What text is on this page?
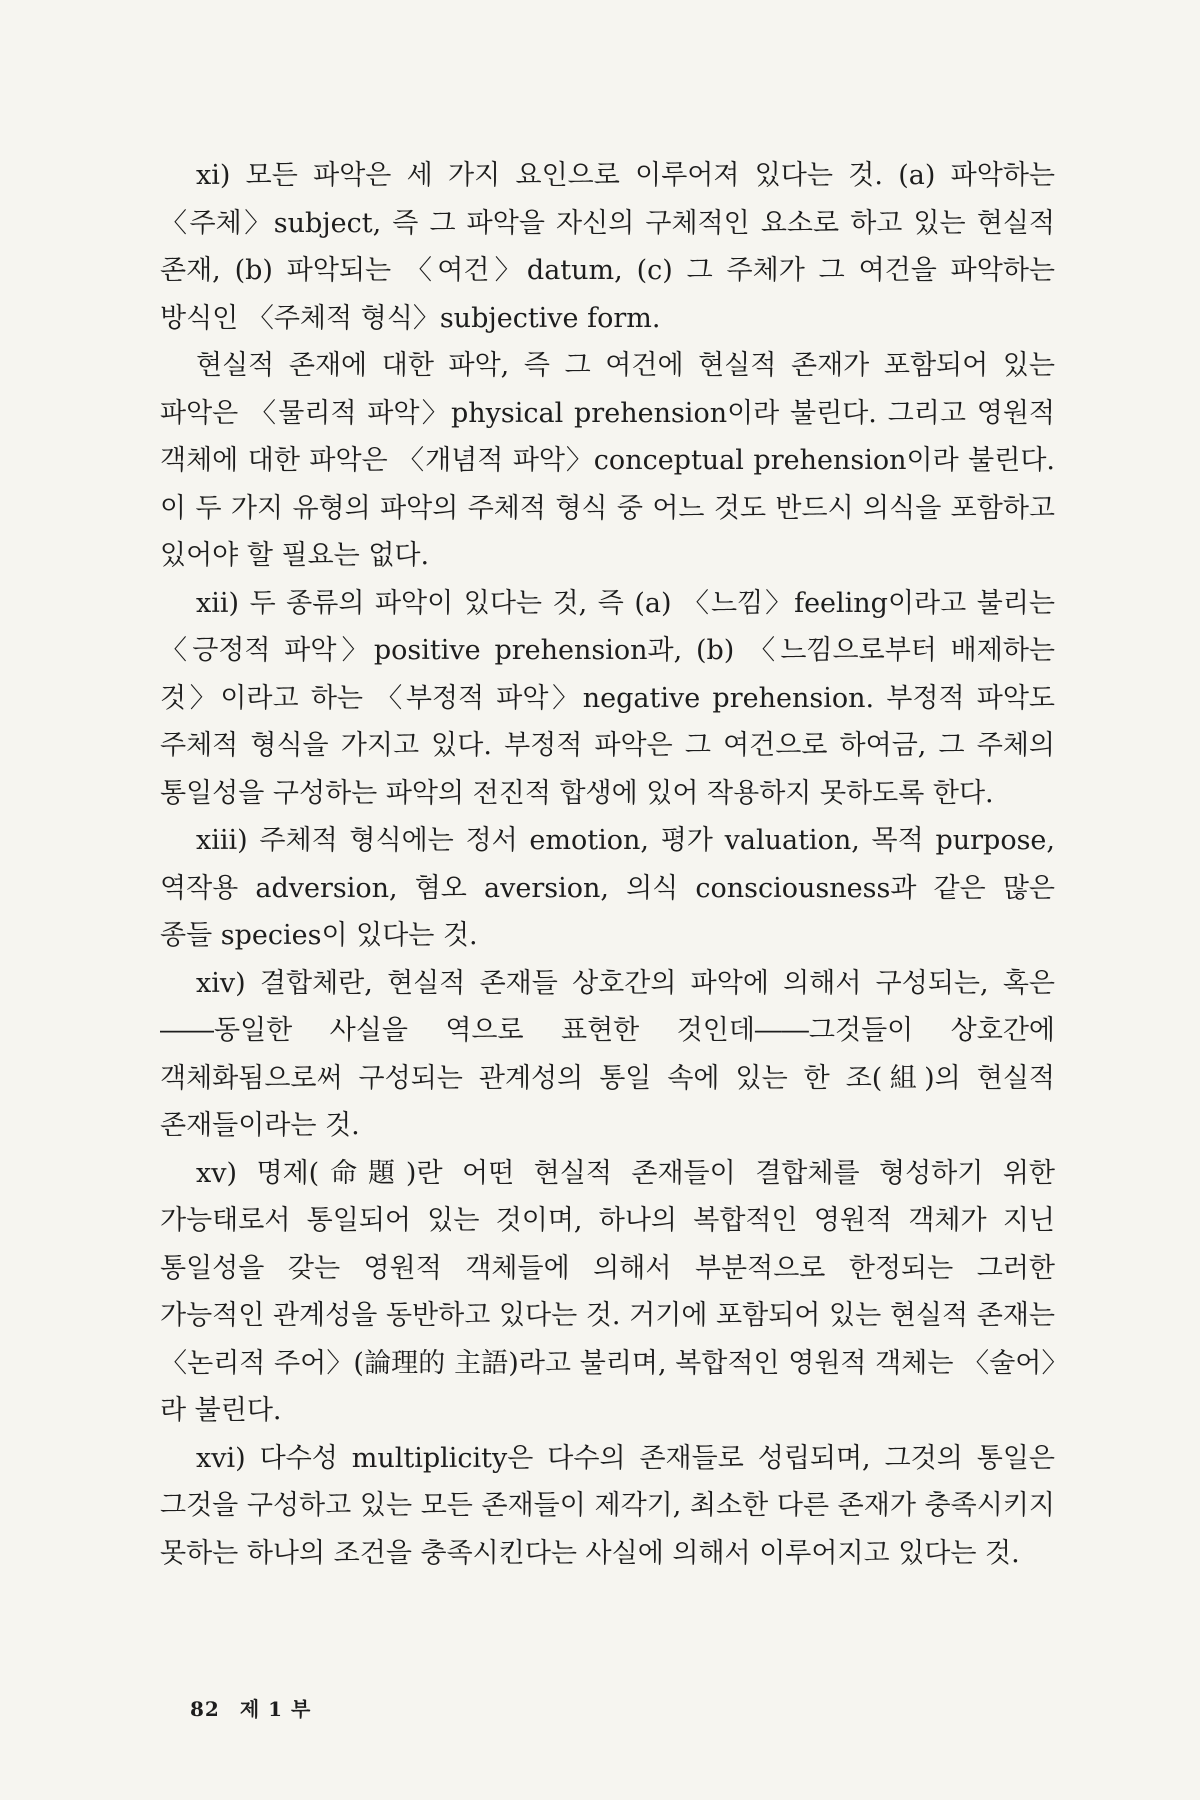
xi) 모든 파악은 세 가지 요인으로 이루어져 있다는 것. (a) 파악하는 〈주체〉subject, 즉 그 파악을 자신의 구체적인 요소로 하고 있는 현실적 존재, (b) 파악되는 〈여건〉datum, (c) 그 주체가 그 여건을 파악하는 방식인 〈주체적 형식〉subjective form.

현실적 존재에 대한 파악, 즉 그 여건에 현실적 존재가 포함되어 있는 파악은 〈물리적 파악〉physical prehension이라 불린다. 그리고 영원적 객체에 대한 파악은 〈개념적 파악〉conceptual prehension이라 불린다. 이 두 가지 유형의 파악의 주체적 형식 중 어느 것도 반드시 의식을 포함하고 있어야 할 필요는 없다.

xii) 두 종류의 파악이 있다는 것, 즉 (a) 〈느낌〉feeling이라고 불리는 〈긍정적 파악〉positive prehension과, (b) 〈느낌으로부터 배제하는 것〉이라고 하는 〈부정적 파악〉negative prehension. 부정적 파악도 주체적 형식을 가지고 있다. 부정적 파악은 그 여건으로 하여금, 그 주체의 통일성을 구성하는 파악의 전진적 합생에 있어 작용하지 못하도록 한다.

xiii) 주체적 형식에는 정서 emotion, 평가 valuation, 목적 purpose, 역작용 adversion, 혐오 aversion, 의식 consciousness과 같은 많은 종들 species이 있다는 것.

xiv) 결합체란, 현실적 존재들 상호간의 파악에 의해서 구성되는, 혹은――동일한 사실을 역으로 표현한 것인데――그것들이 상호간에 객체화됨으로써 구성되는 관계성의 통일 속에 있는 한 조(組)의 현실적 존재들이라는 것.

xv) 명제(命題)란 어떤 현실적 존재들이 결합체를 형성하기 위한 가능태로서 통일되어 있는 것이며, 하나의 복합적인 영원적 객체가 지닌 통일성을 갖는 영원적 객체들에 의해서 부분적으로 한정되는 그러한 가능적인 관계성을 동반하고 있다는 것. 거기에 포함되어 있는 현실적 존재는 〈논리적 주어〉(論理的 主語)라고 불리며, 복합적인 영원적 객체는 〈술어〉라 불린다.

xvi) 다수성 multiplicity은 다수의 존재들로 성립되며, 그것의 통일은 그것을 구성하고 있는 모든 존재들이 제각기, 최소한 다른 존재가 충족시키지 못하는 하나의 조건을 충족시킨다는 사실에 의해서 이루어지고 있다는 것.

82 제 1 부
